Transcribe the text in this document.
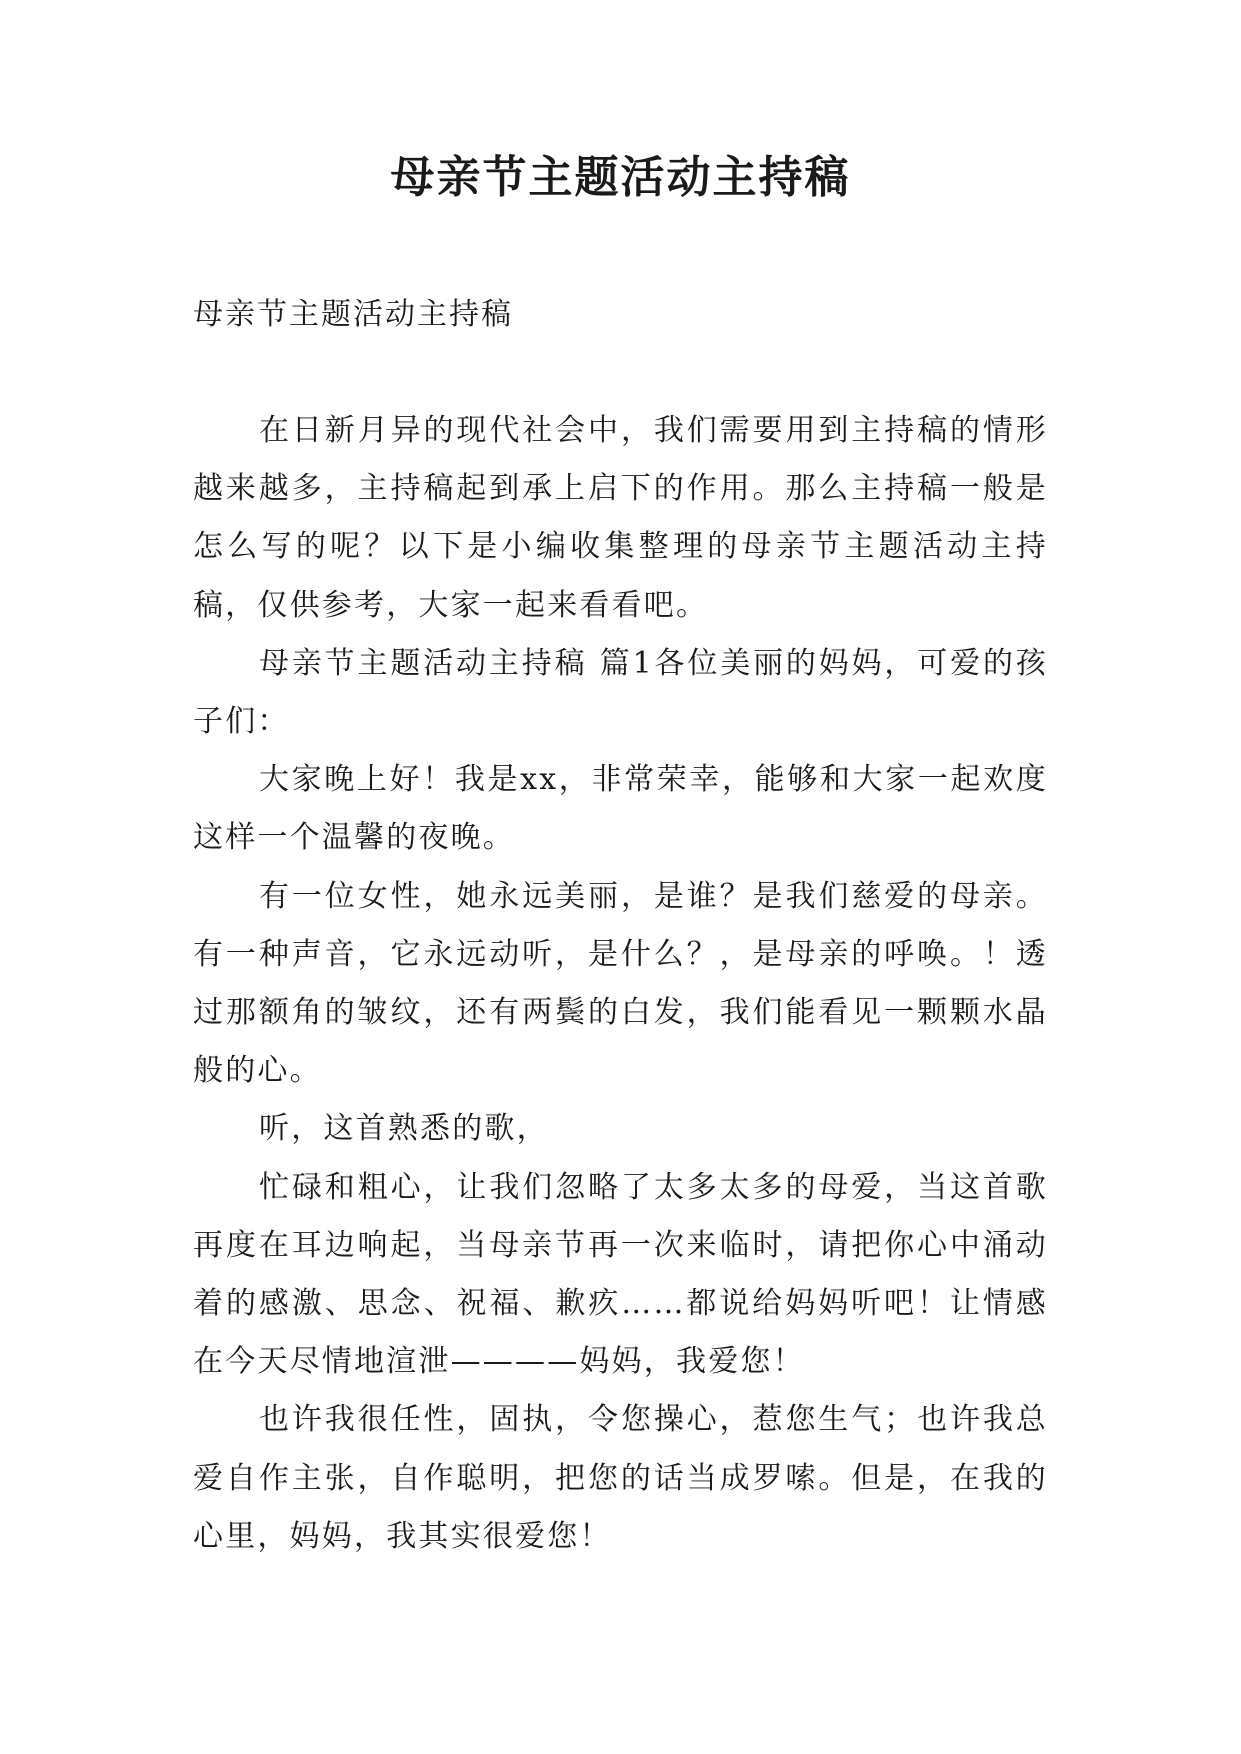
母亲节主题活动主持稿
母亲节主题活动主持稿

在日新月异的现代社会中，我们需要用到主持稿的情形越来越多，主持稿起到承上启下的作用。那么主持稿一般是怎么写的呢？以下是小编收集整理的母亲节主题活动主持稿，仅供参考，大家一起来看看吧。

母亲节主题活动主持稿 篇1各位美丽的妈妈，可爱的孩子们：

大家晚上好！我是xx，非常荣幸，能够和大家一起欢度这样一个温馨的夜晚。

有一位女性，她永远美丽，是谁？是我们慈爱的母亲。有一种声音，它永远动听，是什么？，是母亲的呼唤。！透过那额角的皱纹，还有两鬓的白发，我们能看见一颗颗水晶般的心。

听，这首熟悉的歌，

忙碌和粗心，让我们忽略了太多太多的母爱，当这首歌再度在耳边响起，当母亲节再一次来临时，请把你心中涌动着的感激、思念、祝福、歉疚……都说给妈妈听吧！让情感在今天尽情地渲泄————妈妈，我爱您！

也许我很任性，固执，令您操心，惹您生气；也许我总爱自作主张，自作聪明，把您的话当成罗嗦。但是，在我的心里，妈妈，我其实很爱您！
